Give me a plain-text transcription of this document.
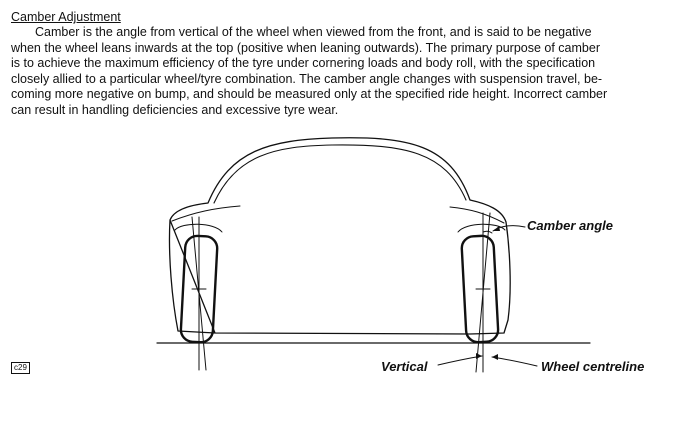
Camber Adjustment
Camber is the angle from vertical of the wheel when viewed from the front, and is said to be negative
when the wheel leans inwards at the top (positive when leaning outwards). The primary purpose of camber
is to achieve the maximum efficiency of the tyre under cornering loads and body roll, with the specification
closely allied to a particular wheel/tyre combination. The camber angle changes with suspension travel, be-
coming more negative on bump, and should be measured only at the specified ride height. Incorrect camber
can result in handling deficiencies and excessive tyre wear.
Camber angle
Vertical	Wheel centreline
c29
